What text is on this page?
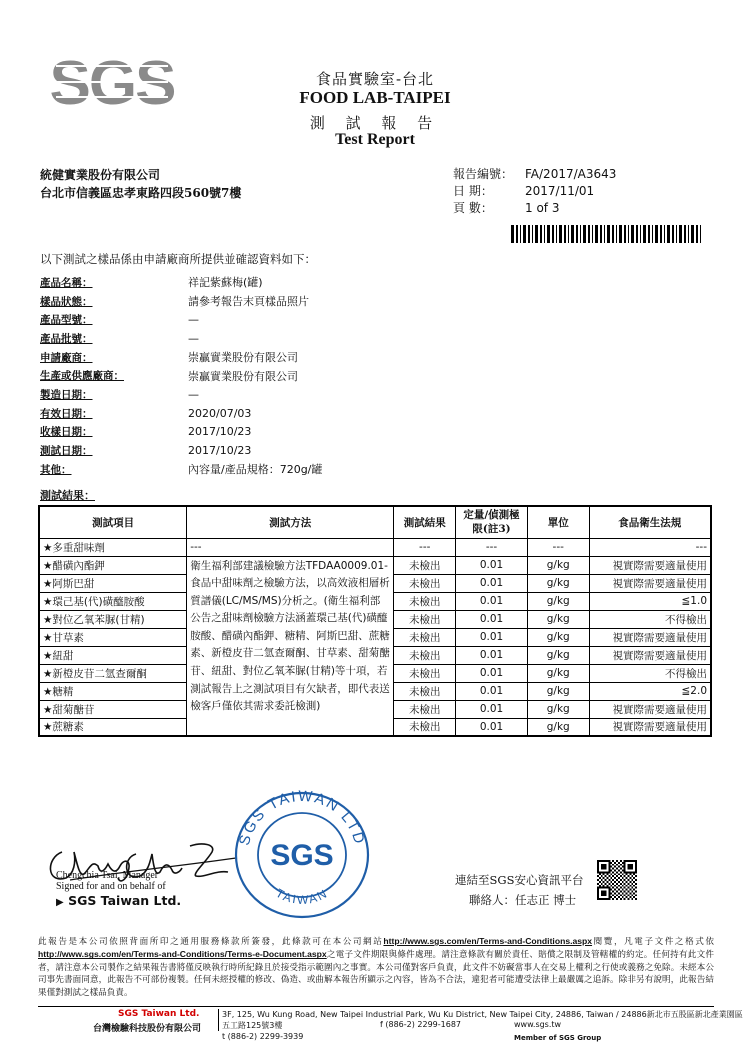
SGS	食品實驗室-台北
FOOD LAB-TAIPEI
測 試 報 告
Test Report
統健實業股份有限公司
台北市信義區忠孝東路四段560號7樓
報告編號： FA/2017/A3643
日 期：	2017/11/01
頁 數：	1 of 3
以下測試之樣品係由申請廠商所提供並確認資料如下：
產品名稱：	祥記紫蘇梅(罐)
樣品狀態：	請參考報告末頁樣品照片
產品型號：	—
產品批號：	—
申請廠商：	崇贏實業股份有限公司
生產或供應廠商：	崇贏實業股份有限公司
製造日期：	—
有效日期：	2020/07/03
收樣日期：	2017/10/23
測試日期：	2017/10/23
其他：	內容量/產品規格：720g/罐
測試結果：
測試項目	測試方法	測試結果	定量/偵測極限(註3)	單位	食品衛生法規
★多重甜味劑	---	---	---	---	---
★醋磺內酯鉀	衛生福利部建議檢驗方法TFDAA0009.01-食品中甜味劑之檢驗方法，以高效液相層析質譜儀(LC/MS/MS)分析之。(衛生福利部公告之甜味劑檢驗方法涵蓋環己基(代)磺醯胺酸、醋磺內酯鉀、糖精、阿斯巴甜、蔗糖素、新橙皮苷二氫查爾酮、甘草素、甜菊醣苷、紐甜、對位乙氧苯脲(甘精)等十項，若測試報告上之測試項目有欠缺者，即代表送檢客戶僅依其需求委託檢測)	未檢出	0.01	g/kg	視實際需要適量使用
★阿斯巴甜		未檢出	0.01	g/kg	視實際需要適量使用
★環己基(代)磺醯胺酸		未檢出	0.01	g/kg	≦1.0
★對位乙氧苯脲(甘精)		未檢出	0.01	g/kg	不得檢出
★甘草素		未檢出	0.01	g/kg	視實際需要適量使用
★紐甜		未檢出	0.01	g/kg	視實際需要適量使用
★新橙皮苷二氫查爾酮		未檢出	0.01	g/kg	不得檢出
★糖精		未檢出	0.01	g/kg	≦2.0
★甜菊醣苷		未檢出	0.01	g/kg	視實際需要適量使用
★蔗糖素		未檢出	0.01	g/kg	視實際需要適量使用
Chengchia Tsai, Manager
Signed for and on behalf of
▶ SGS Taiwan Ltd.
SGS TAIWAN LTD
TAIWAN
SGS
連結至SGS安心資訊平台
聯絡人：任志正 博士
此報告是本公司依照背面所印之通用服務條款所簽發，此條款可在本公司網站http://www.sgs.com/en/Terms-and-Conditions.aspx閱覽，凡電子文件之格式依http://www.sgs.com/en/Terms-and-Conditions/Terms-e-Document.aspx之電子文件期限與條件處理。請注意條款有關於責任、賠償之限制及管轄權的約定。任何持有此文件者，請注意本公司製作之結果報告書將僅反映執行時所紀錄且於接受指示範圍內之事實。本公司僅對客戶負責，此文件不妨礙當事人在交易上權利之行使或義務之免除。未經本公司事先書面同意，此報告不可部份複製。任何未經授權的修改、偽造、或曲解本報告所顯示之內容，皆為不合法，違犯者可能遭受法律上最嚴厲之追訴。除非另有說明，此報告結果僅對測試之樣品負責。
SGS Taiwan Ltd.
台灣檢驗科技股份有限公司
3F, 125, Wu Kung Road, New Taipei Industrial Park, Wu Ku District, New Taipei City, 24886, Taiwan / 24886新北市五股區新北產業園區五工路125號3樓
t (886-2) 2299-3939
f (886-2) 2299-1687	www.sgs.tw
Member of SGS Group
